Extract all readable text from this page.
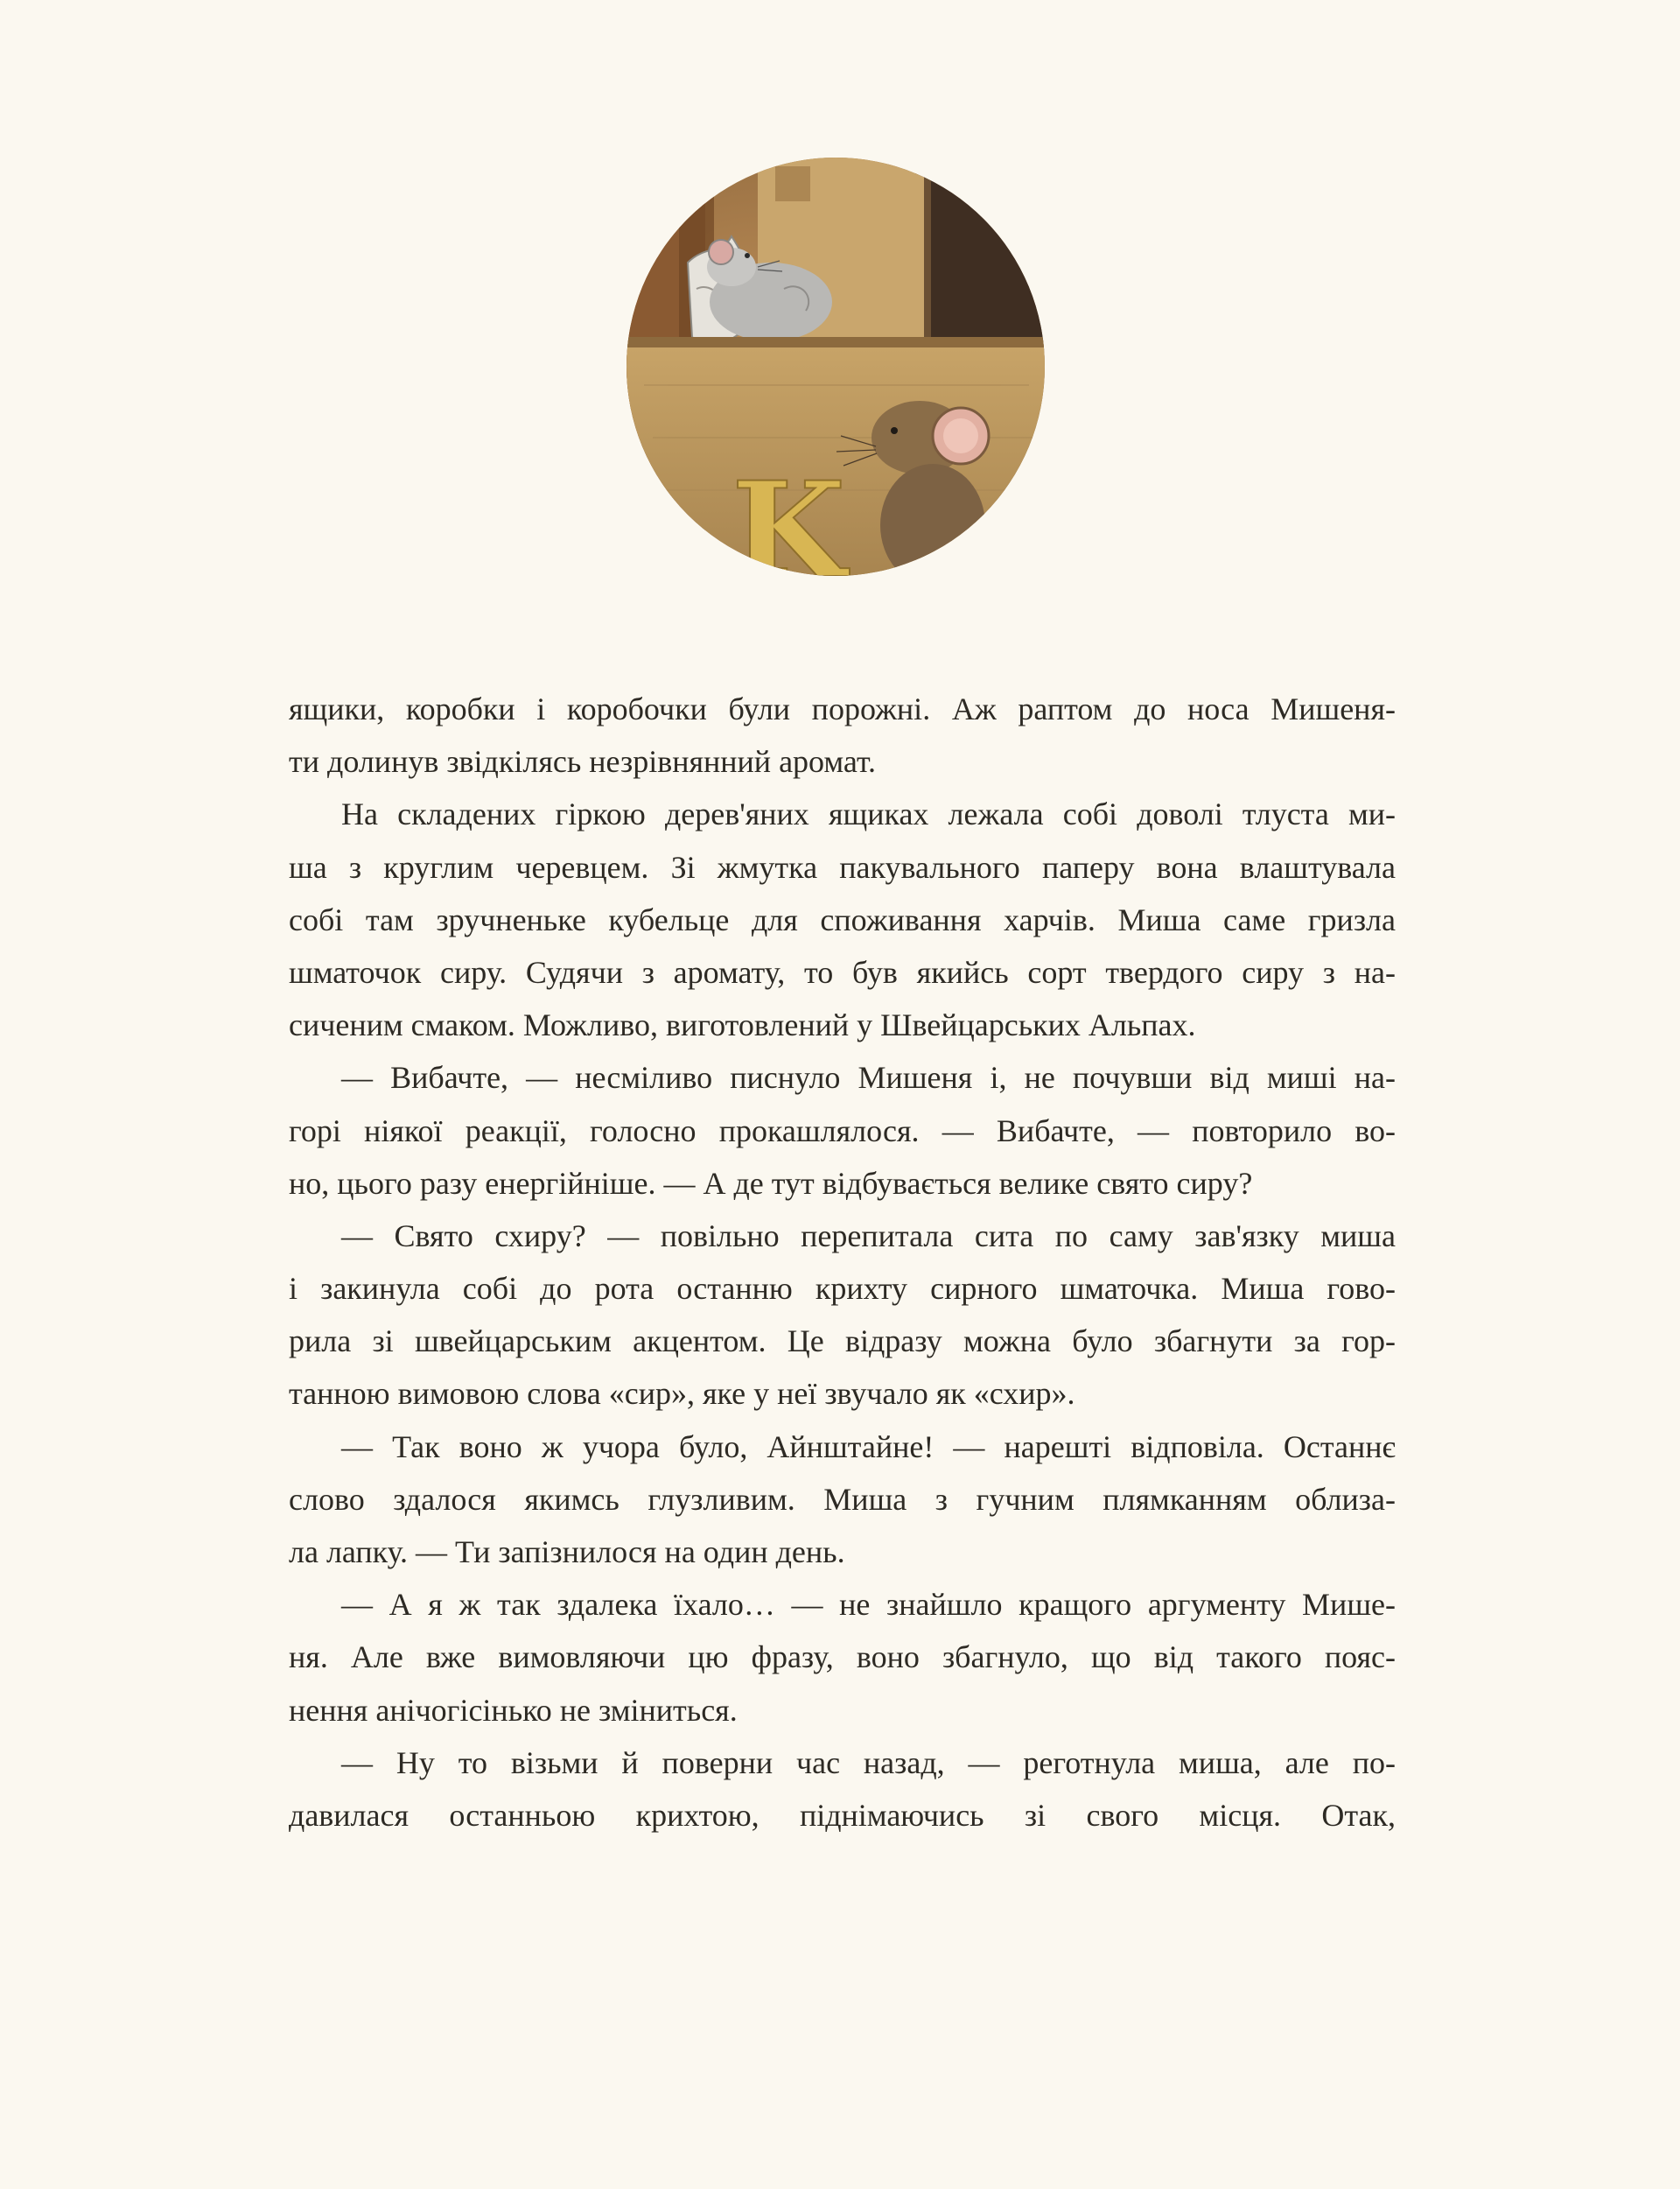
K
ящики, коробки і коробочки були порожні. Аж раптом до носа Мишеня-
ти долинув звідкілясь незрівнянний аромат.
На складених гіркою дерев'яних ящиках лежала собі доволі тлуста ми-
ша з круглим черевцем. Зі жмутка пакувального паперу вона влаштувала
собі там зручненьке кубельце для споживання харчів. Миша саме гризла
шматочок сиру. Судячи з аромату, то був якийсь сорт твердого сиру з на-
сиченим смаком. Можливо, виготовлений у Швейцарських Альпах.
— Вибачте, — несміливо писнуло Мишеня і, не почувши від миші на-
горі ніякої реакції, голосно прокашлялося. — Вибачте, — повторило во-
но, цього разу енергійніше. — А де тут відбувається велике свято сиру?
— Свято схиру? — повільно перепитала сита по саму зав'язку миша
і закинула собі до рота останню крихту сирного шматочка. Миша гово-
рила зі швейцарським акцентом. Це відразу можна було збагнути за гор-
танною вимовою слова «сир», яке у неї звучало як «схир».
— Так воно ж учора було, Айнштайне! — нарешті відповіла. Останнє
слово здалося якимсь глузливим. Миша з гучним плямканням облиза-
ла лапку. — Ти запізнилося на один день.
— А я ж так здалека їхало… — не знайшло кращого аргументу Мише-
ня. Але вже вимовляючи цю фразу, воно збагнуло, що від такого пояс-
нення анічогісінько не зміниться.
— Ну то візьми й поверни час назад, — реготнула миша, але по-
давилася останньою крихтою, піднімаючись зі свого місця. Отак,
